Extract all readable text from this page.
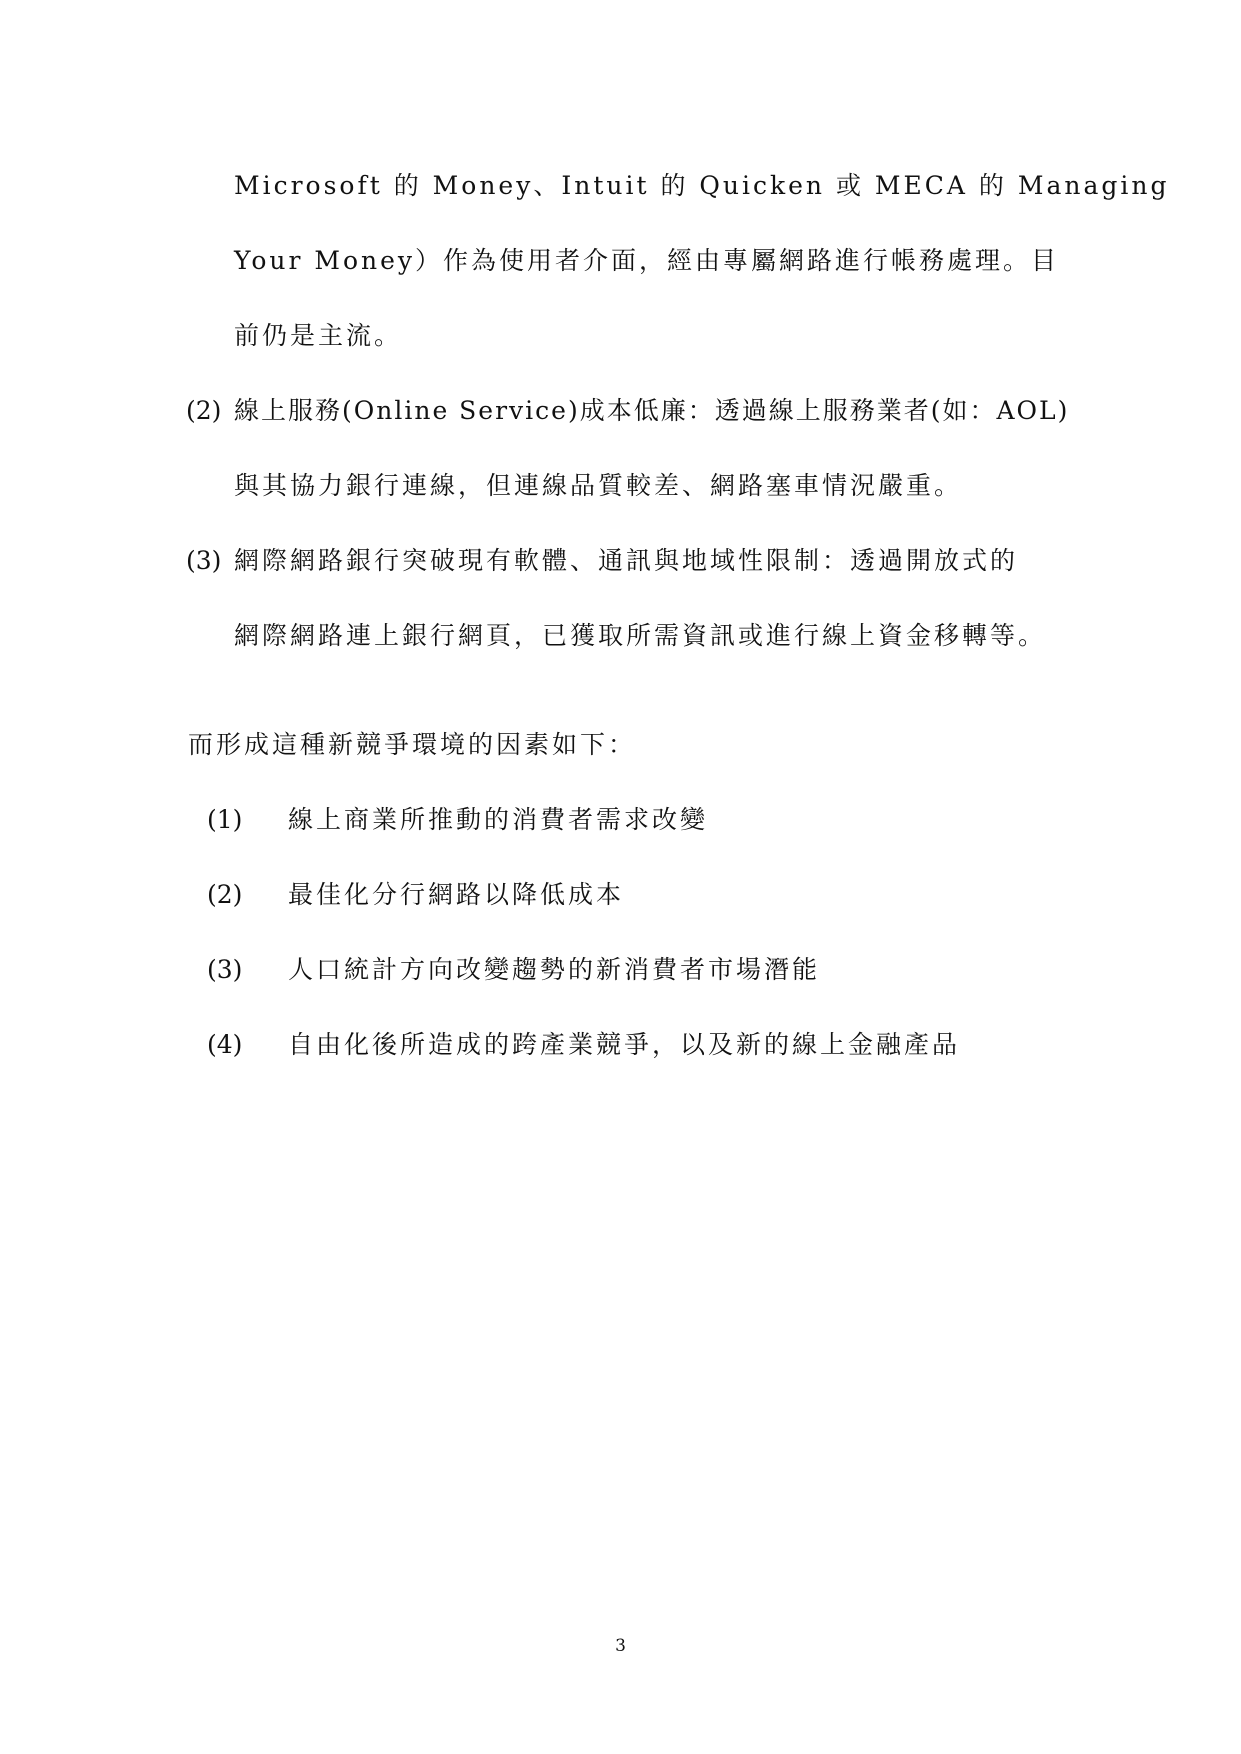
Microsoft 的 Money、Intuit 的 Quicken 或 MECA 的 Managing
Your Money）作為使用者介面，經由專屬網路進行帳務處理。目
前仍是主流。
(2) 線上服務(Online Service)成本低廉：透過線上服務業者(如：AOL)
與其協力銀行連線，但連線品質較差、網路塞車情況嚴重。
(3) 網際網路銀行突破現有軟體、通訊與地域性限制：透過開放式的
網際網路連上銀行網頁，已獲取所需資訊或進行線上資金移轉等。
而形成這種新競爭環境的因素如下：
(1) 線上商業所推動的消費者需求改變
(2) 最佳化分行網路以降低成本
(3) 人口統計方向改變趨勢的新消費者市場潛能
(4) 自由化後所造成的跨產業競爭，以及新的線上金融產品
3
